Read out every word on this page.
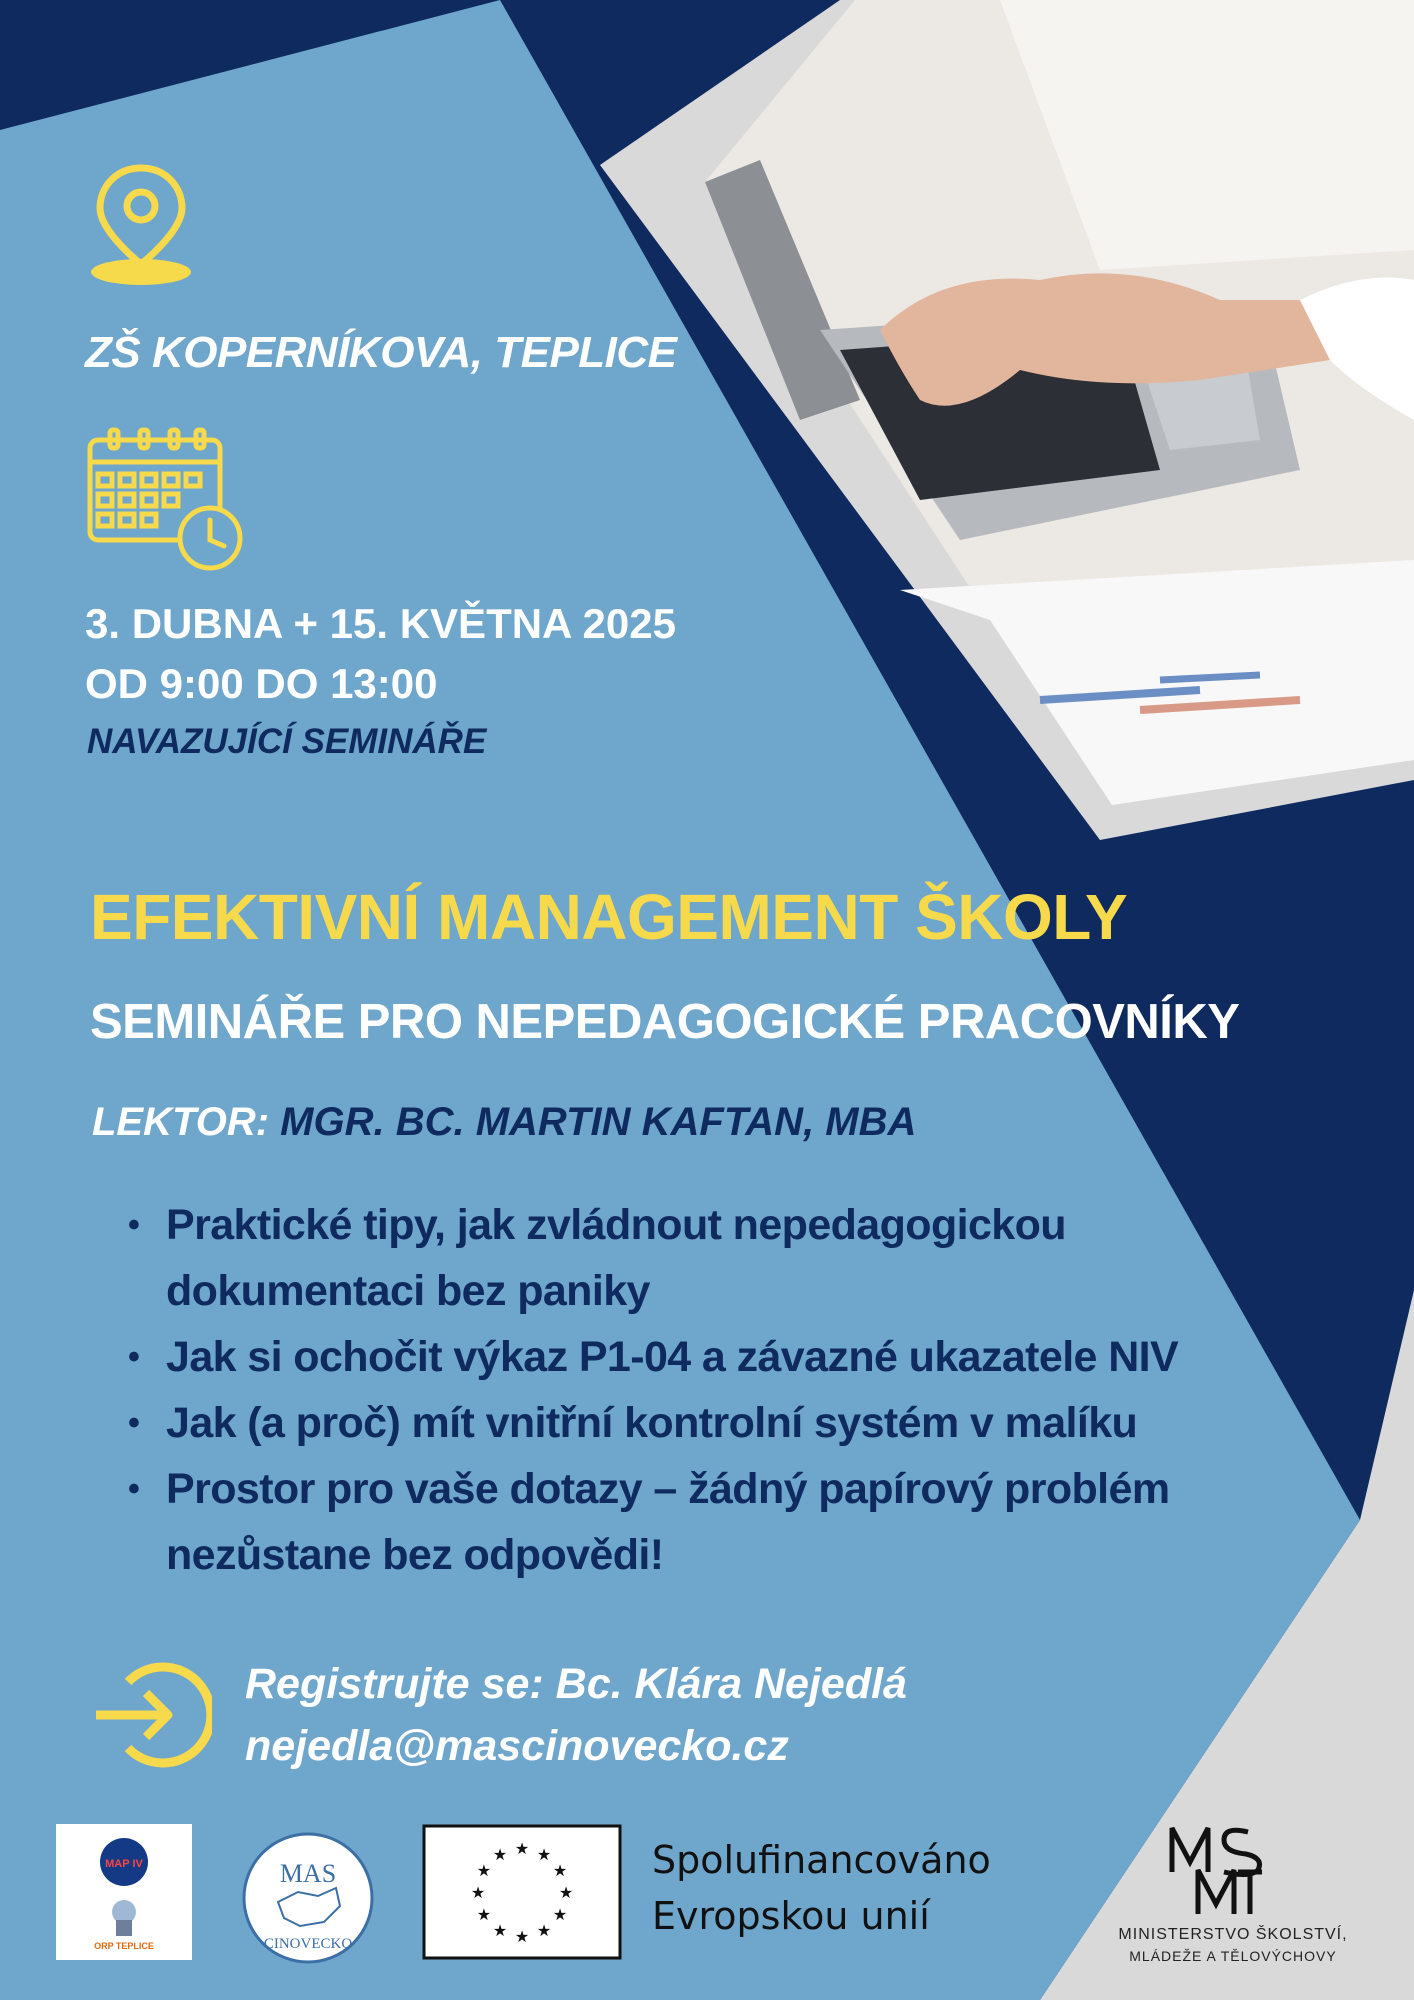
ZŠ KOPERNÍKOVA, TEPLICE
3. DUBNA + 15. KVĚTNA 2025
OD 9:00 DO 13:00
NAVAZUJÍCÍ SEMINÁŘE
EFEKTIVNÍ MANAGEMENT ŠKOLY
SEMINÁŘE PRO NEPEDAGOGICKÉ PRACOVNÍKY
LEKTOR: MGR. BC. MARTIN KAFTAN, MBA
• Praktické tipy, jak zvládnout nepedagogickou dokumentaci bez paniky
• Jak si ochočit výkaz P1-04 a závazné ukazatele NIV
• Jak (a proč) mít vnitřní kontrolní systém v malíku
• Prostor pro vaše dotazy – žádný papírový problém nezůstane bez odpovědi!
Registrujte se: Bc. Klára Nejedlá
nejedla@mascinovecko.cz
MAP IV
ORP TEPLICE
MAS
CINOVECKO
★ ★
★
★
★
★
★
★
★
★
★
★	Spolufinancováno
Evropskou unií	MINISTERSTVO ŠKOLSTVÍ,
MLÁDEŽE A TĚLOVÝCHOVY
